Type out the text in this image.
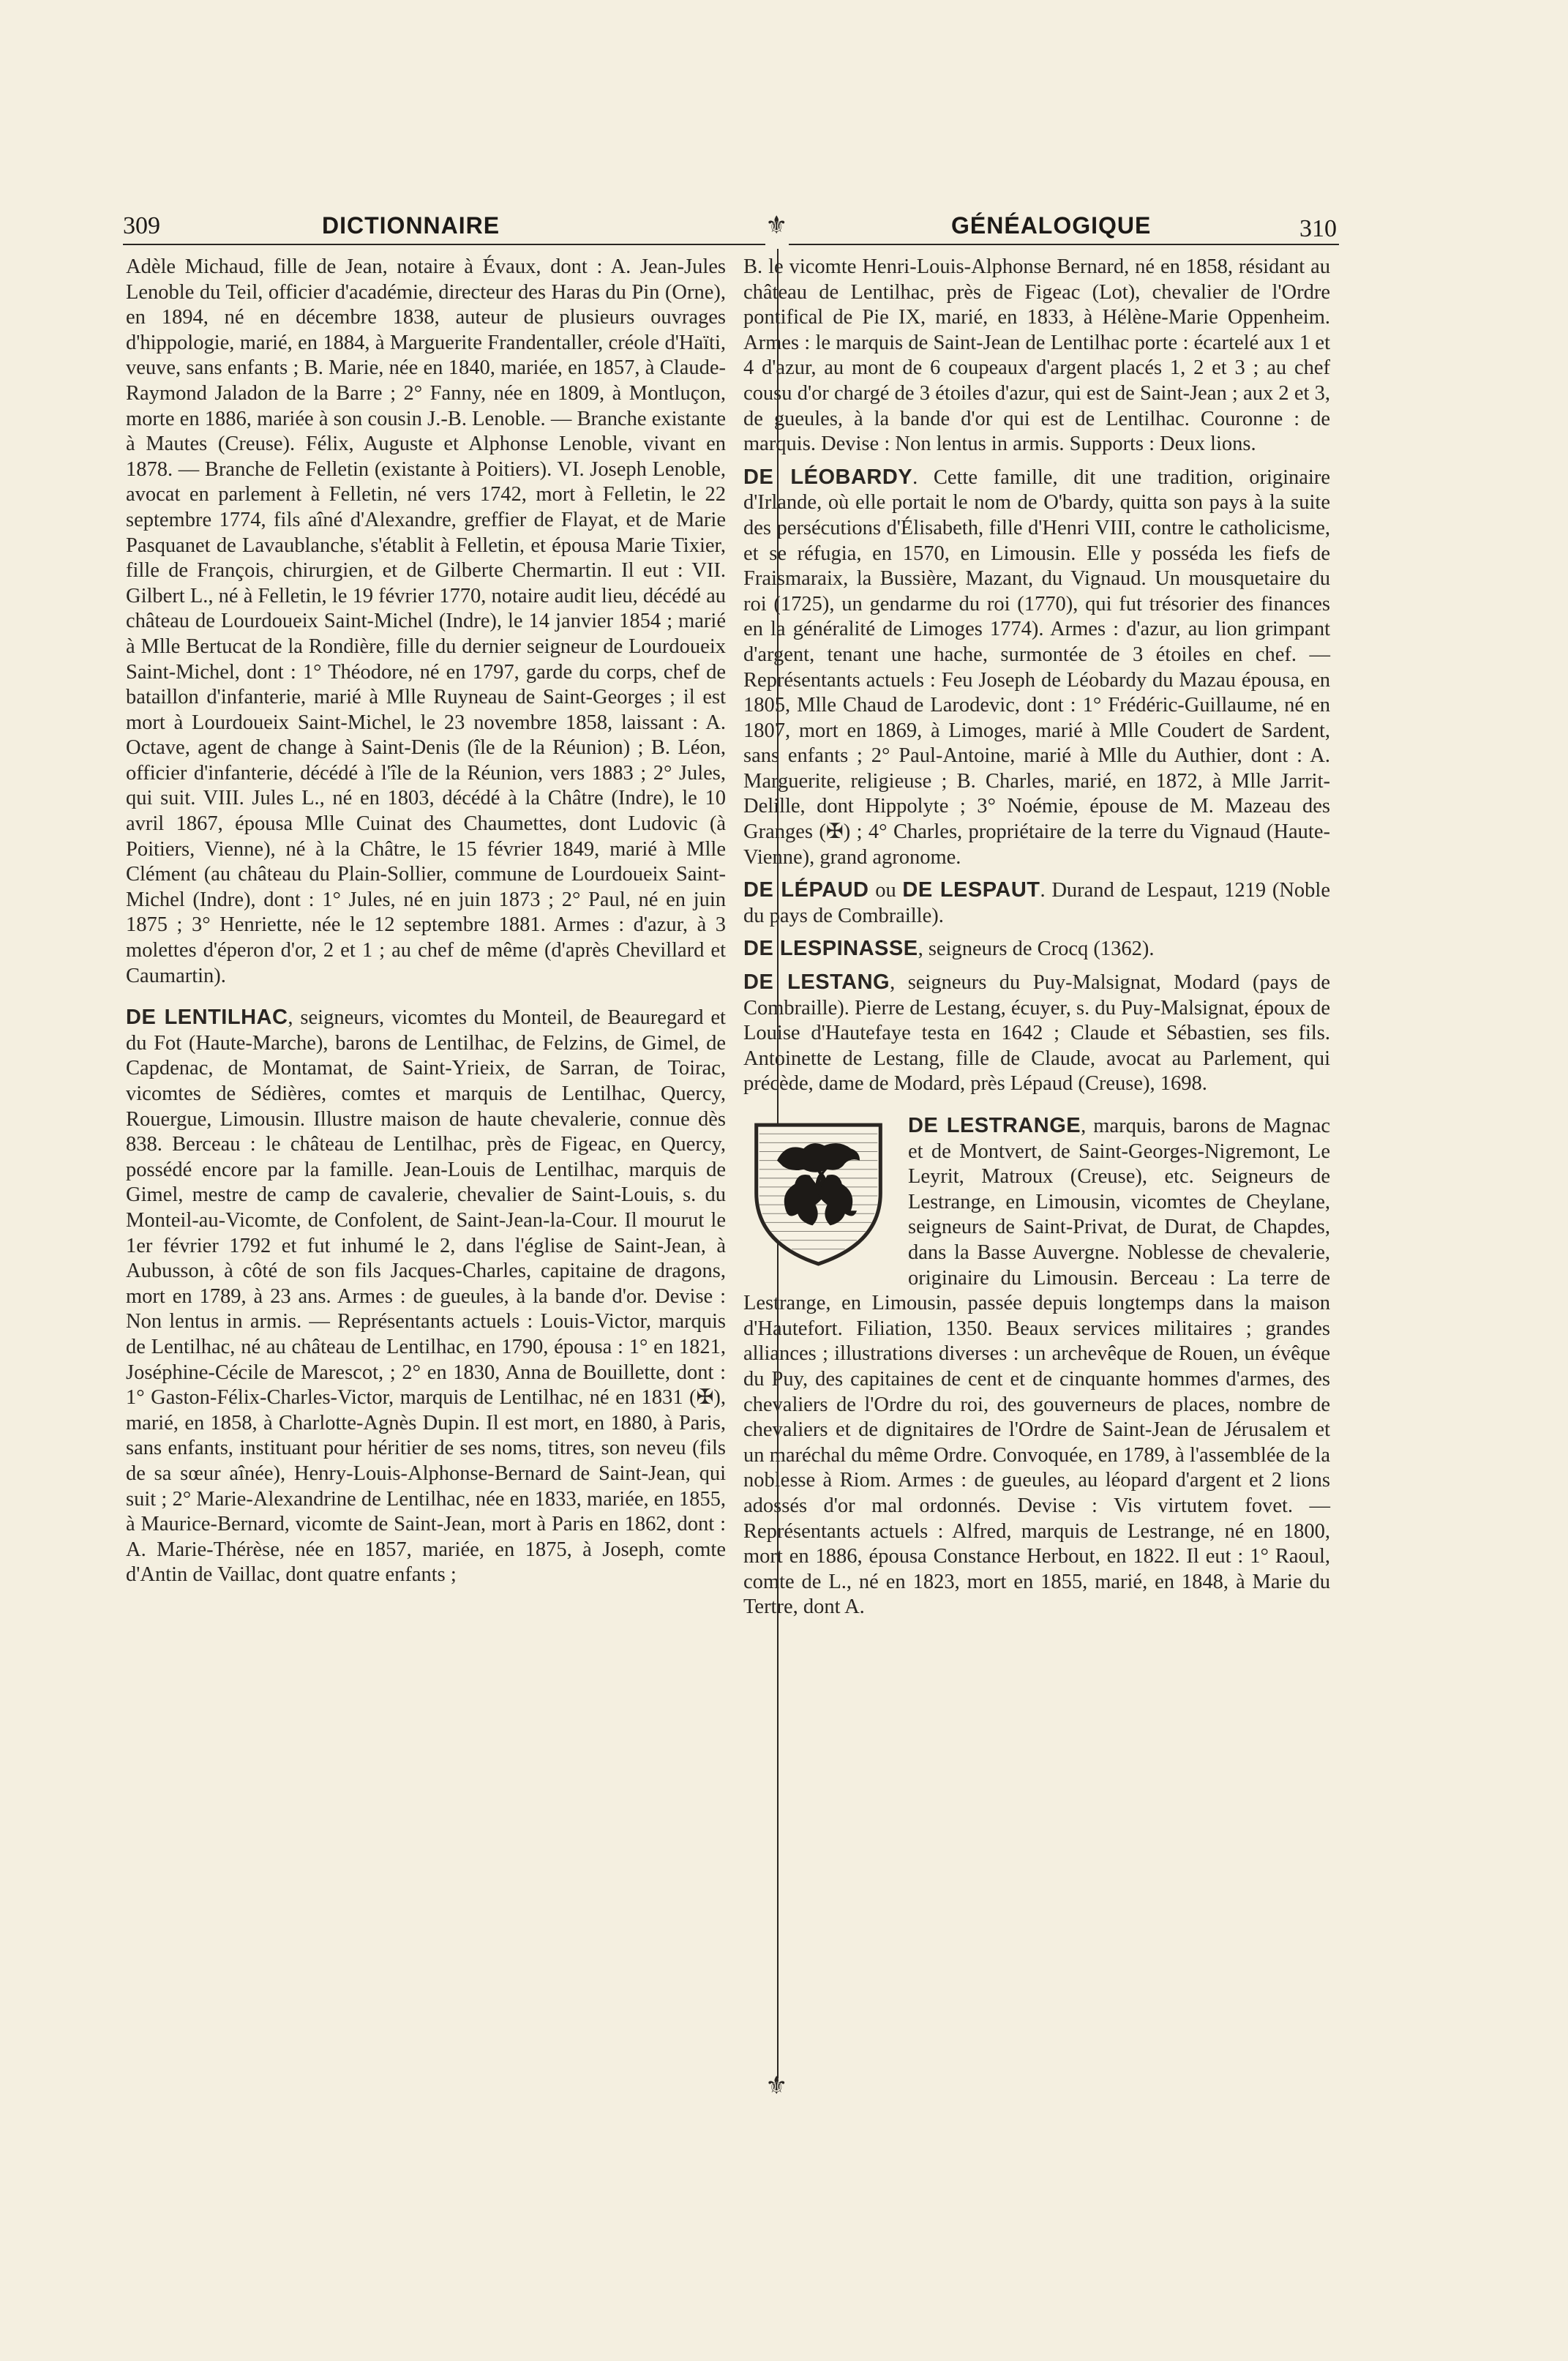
309	DICTIONNAIRE	⚜	GÉNÉALOGIQUE	310
⚜

Adèle Michaud, fille de Jean, notaire à Évaux, dont : A. Jean-Jules Lenoble du Teil, officier d'académie, directeur des Haras du Pin (Orne), en 1894, né en décembre 1838, auteur de plusieurs ouvrages d'hippologie, marié, en 1884, à Marguerite Frandentaller, créole d'Haïti, veuve, sans enfants ; B. Marie, née en 1840, mariée, en 1857, à Claude-Raymond Jaladon de la Barre ; 2° Fanny, née en 1809, à Montluçon, morte en 1886, mariée à son cousin J.-B. Lenoble. — Branche existante à Mautes (Creuse). Félix, Auguste et Alphonse Lenoble, vivant en 1878. — Branche de Felletin (existante à Poitiers). VI. Joseph Lenoble, avocat en parlement à Felletin, né vers 1742, mort à Felletin, le 22 septembre 1774, fils aîné d'Alexandre, greffier de Flayat, et de Marie Pasquanet de Lavaublanche, s'établit à Felletin, et épousa Marie Tixier, fille de François, chirurgien, et de Gilberte Chermartin. Il eut : VII. Gilbert L., né à Felletin, le 19 février 1770, notaire audit lieu, décédé au château de Lourdoueix Saint-Michel (Indre), le 14 janvier 1854 ; marié à Mlle Bertucat de la Rondière, fille du dernier seigneur de Lourdoueix Saint-Michel, dont : 1° Théodore, né en 1797, garde du corps, chef de bataillon d'infanterie, marié à Mlle Ruyneau de Saint-Georges ; il est mort à Lourdoueix Saint-Michel, le 23 novembre 1858, laissant : A. Octave, agent de change à Saint-Denis (île de la Réunion) ; B. Léon, officier d'infanterie, décédé à l'île de la Réunion, vers 1883 ; 2° Jules, qui suit. VIII. Jules L., né en 1803, décédé à la Châtre (Indre), le 10 avril 1867, épousa Mlle Cuinat des Chaumettes, dont Ludovic (à Poitiers, Vienne), né à la Châtre, le 15 février 1849, marié à Mlle Clément (au château du Plain-Sollier, commune de Lourdoueix Saint-Michel (Indre), dont : 1° Jules, né en juin 1873 ; 2° Paul, né en juin 1875 ; 3° Henriette, née le 12 septembre 1881. Armes : d'azur, à 3 molettes d'éperon d'or, 2 et 1 ; au chef de même (d'après Chevillard et Caumartin).

DE LENTILHAC, seigneurs, vicomtes du Monteil, de Beauregard et du Fot (Haute-Marche), barons de Lentilhac, de Felzins, de Gimel, de Capdenac, de Montamat, de Saint-Yrieix, de Sarran, de Toirac, vicomtes de Sédières, comtes et marquis de Lentilhac, Quercy, Rouergue, Limousin. Illustre maison de haute chevalerie, connue dès 838. Berceau : le château de Lentilhac, près de Figeac, en Quercy, possédé encore par la famille. Jean-Louis de Lentilhac, marquis de Gimel, mestre de camp de cavalerie, chevalier de Saint-Louis, s. du Monteil-au-Vicomte, de Confolent, de Saint-Jean-la-Cour. Il mourut le 1er février 1792 et fut inhumé le 2, dans l'église de Saint-Jean, à Aubusson, à côté de son fils Jacques-Charles, capitaine de dragons, mort en 1789, à 23 ans. Armes : de gueules, à la bande d'or. Devise : Non lentus in armis. — Représentants actuels : Louis-Victor, marquis de Lentilhac, né au château de Lentilhac, en 1790, épousa : 1° en 1821, Joséphine-Cécile de Marescot, ; 2° en 1830, Anna de Bouillette, dont : 1° Gaston-Félix-Charles-Victor, marquis de Lentilhac, né en 1831 (✠), marié, en 1858, à Charlotte-Agnès Dupin. Il est mort, en 1880, à Paris, sans enfants, instituant pour héritier de ses noms, titres, son neveu (fils de sa sœur aînée), Henry-Louis-Alphonse-Bernard de Saint-Jean, qui suit ; 2° Marie-Alexandrine de Lentilhac, née en 1833, mariée, en 1855, à Maurice-Bernard, vicomte de Saint-Jean, mort à Paris en 1862, dont : A. Marie-Thérèse, née en 1857, mariée, en 1875, à Joseph, comte d'Antin de Vaillac, dont quatre enfants ;

B. le vicomte Henri-Louis-Alphonse Bernard, né en 1858, résidant au château de Lentilhac, près de Figeac (Lot), chevalier de l'Ordre pontifical de Pie IX, marié, en 1833, à Hélène-Marie Oppenheim. Armes : le marquis de Saint-Jean de Lentilhac porte : écartelé aux 1 et 4 d'azur, au mont de 6 coupeaux d'argent placés 1, 2 et 3 ; au chef cousu d'or chargé de 3 étoiles d'azur, qui est de Saint-Jean ; aux 2 et 3, de gueules, à la bande d'or qui est de Lentilhac. Couronne : de marquis. Devise : Non lentus in armis. Supports : Deux lions.

DE LÉOBARDY. Cette famille, dit une tradition, originaire d'Irlande, où elle portait le nom de O'bardy, quitta son pays à la suite des persécutions d'Élisabeth, fille d'Henri VIII, contre le catholicisme, et se réfugia, en 1570, en Limousin. Elle y posséda les fiefs de Fraismaraix, la Bussière, Mazant, du Vignaud. Un mousquetaire du roi (1725), un gendarme du roi (1770), qui fut trésorier des finances en la généralité de Limoges 1774). Armes : d'azur, au lion grimpant d'argent, tenant une hache, surmontée de 3 étoiles en chef. — Représentants actuels : Feu Joseph de Léobardy du Mazau épousa, en 1805, Mlle Chaud de Larodevic, dont : 1° Frédéric-Guillaume, né en 1807, mort en 1869, à Limoges, marié à Mlle Coudert de Sardent, sans enfants ; 2° Paul-Antoine, marié à Mlle du Authier, dont : A. Marguerite, religieuse ; B. Charles, marié, en 1872, à Mlle Jarrit-Delille, dont Hippolyte ; 3° Noémie, épouse de M. Mazeau des Granges (✠) ; 4° Charles, propriétaire de la terre du Vignaud (Haute-Vienne), grand agronome.

DE LÉPAUD ou DE LESPAUT. Durand de Lespaut, 1219 (Noble du pays de Combraille).

DE LESPINASSE, seigneurs de Crocq (1362).

DE LESTANG, seigneurs du Puy-Malsignat, Modard (pays de Combraille). Pierre de Lestang, écuyer, s. du Puy-Malsignat, époux de Louise d'Hautefaye testa en 1642 ; Claude et Sébastien, ses fils. Antoinette de Lestang, fille de Claude, avocat au Parlement, qui précède, dame de Modard, près Lépaud (Creuse), 1698.

DE LESTRANGE, marquis, barons de Magnac et de Montvert, de Saint-Georges-Nigremont, Le Leyrit, Matroux (Creuse), etc. Seigneurs de Lestrange, en Limousin, vicomtes de Cheylane, seigneurs de Saint-Privat, de Durat, de Chapdes, dans la Basse Auvergne. Noblesse de chevalerie, originaire du Limousin. Berceau : La terre de Lestrange, en Limousin, passée depuis longtemps dans la maison d'Hautefort. Filiation, 1350. Beaux services militaires ; grandes alliances ; illustrations diverses : un archevêque de Rouen, un évêque du Puy, des capitaines de cent et de cinquante hommes d'armes, des chevaliers de l'Ordre du roi, des gouverneurs de places, nombre de chevaliers et de dignitaires de l'Ordre de Saint-Jean de Jérusalem et un maréchal du même Ordre. Convoquée, en 1789, à l'assemblée de la noblesse à Riom. Armes : de gueules, au léopard d'argent et 2 lions adossés d'or mal ordonnés. Devise : Vis virtutem fovet. — Représentants actuels : Alfred, marquis de Lestrange, né en 1800, mort en 1886, épousa Constance Herbout, en 1822. Il eut : 1° Raoul, comte de L., né en 1823, mort en 1855, marié, en 1848, à Marie du Tertre, dont A.
